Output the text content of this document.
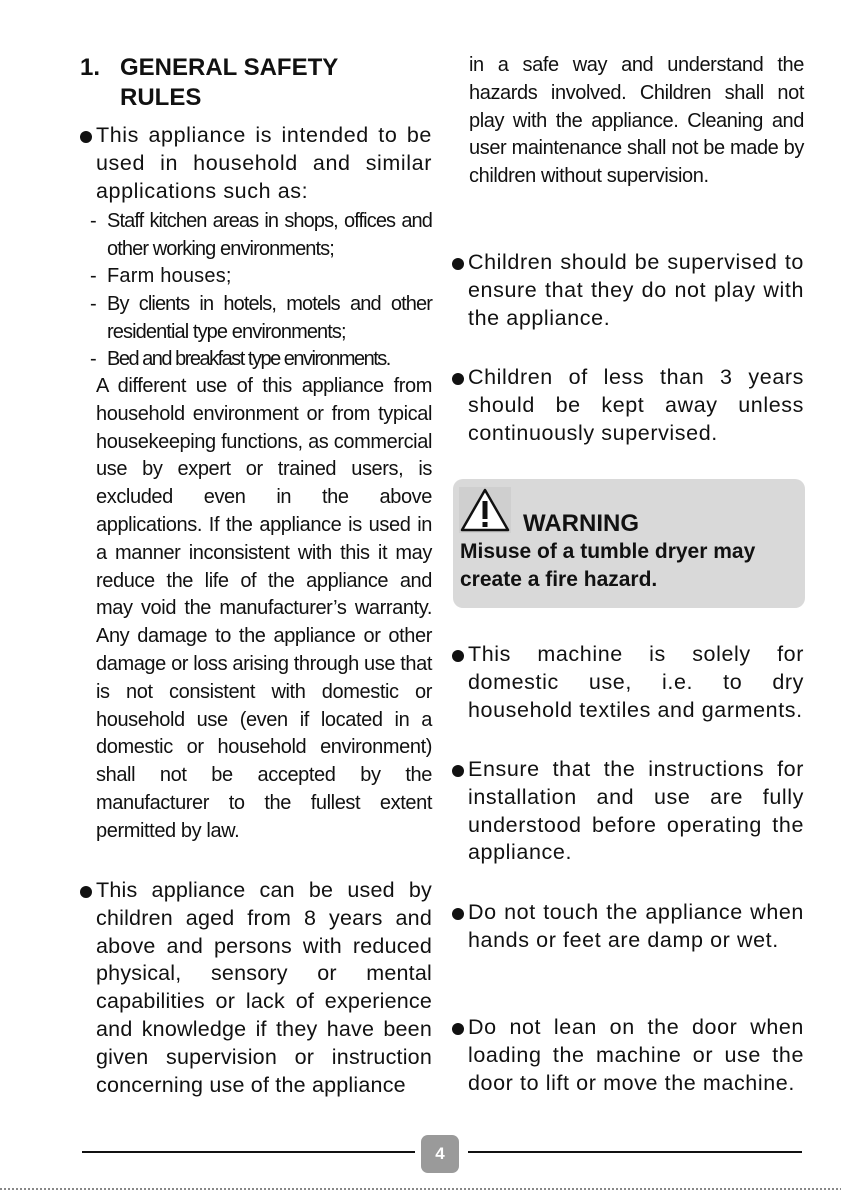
1. GENERAL SAFETY RULES
This appliance is intended to be used in household and similar applications such as:
- Staff kitchen areas in shops, offices and other working environments;
- Farm houses;
- By clients in hotels, motels and other residential type environments;
- Bed and breakfast type environments.
A different use of this appliance from household environment or from typical housekeeping functions, as commercial use by expert or trained users, is excluded even in the above applications. If the appliance is used in a manner inconsistent with this it may reduce the life of the appliance and may void the manufacturer’s warranty. Any damage to the appliance or other damage or loss arising through use that is not consistent with domestic or household use (even if located in a domestic or household environment) shall not be accepted by the manufacturer to the fullest extent permitted by law.
This appliance can be used by children aged from 8 years and above and persons with reduced physical, sensory or mental capabilities or lack of experience and knowledge if they have been given supervision or instruction concerning use of the appliance
in a safe way and understand the hazards involved. Children shall not play with the appliance. Cleaning and user maintenance shall not be made by children without supervision.
Children should be supervised to ensure that they do not play with the appliance.
Children of less than 3 years should be kept away unless continuously supervised.
This machine is solely for domestic use, i.e. to dry household textiles and garments.
Ensure that the instructions for installation and use are fully understood before operating the appliance.
Do not touch the appliance when hands or feet are damp or wet.
Do not lean on the door when loading the machine or use the door to lift or move the machine.
WARNING
Misuse of a tumble dryer may create a fire hazard.
4
